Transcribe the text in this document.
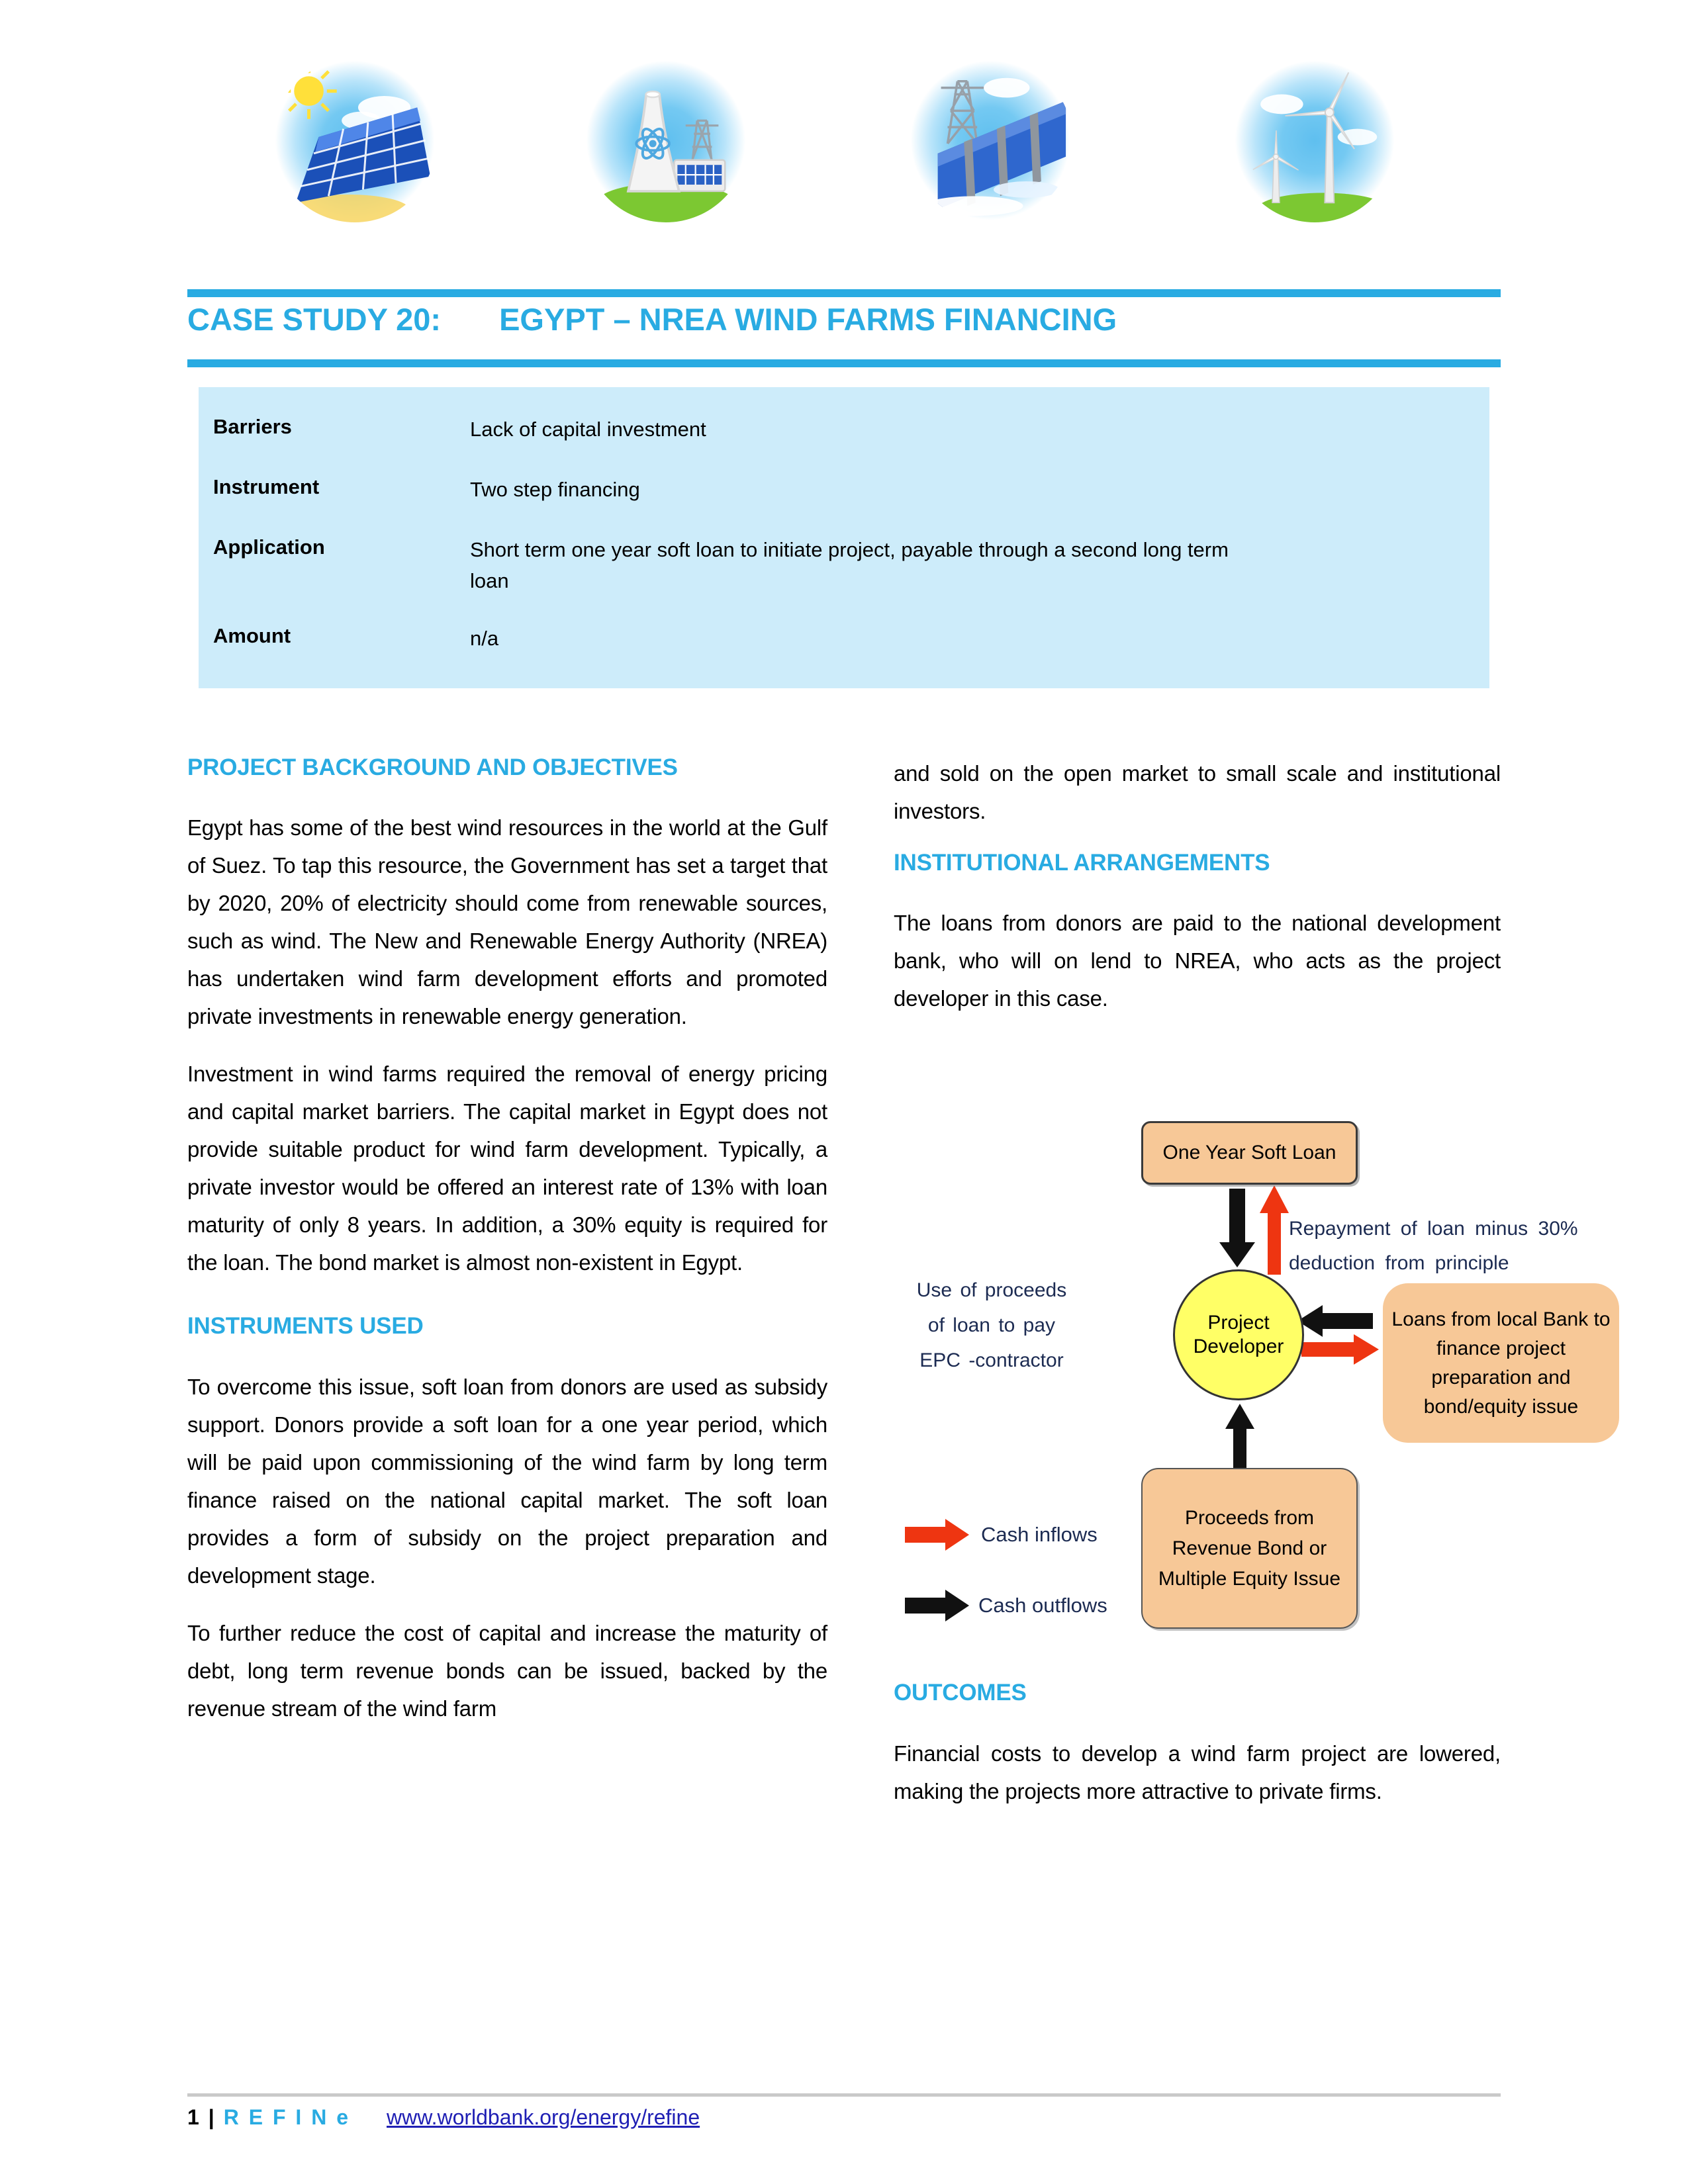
CASE STUDY 20: EGYPT – NREA WIND FARMS FINANCING
Barriers	Lack of capital investment
Instrument	Two step financing
Application	Short term one year soft loan to initiate project, payable through a second long term
loan
Amount	n/a
PROJECT BACKGROUND AND OBJECTIVES

Egypt has some of the best wind resources in the world at the Gulf of Suez. To tap this resource, the Government has set a target that by 2020, 20% of electricity should come from renewable sources, such as wind. The New and Renewable Energy Authority (NREA) has undertaken wind farm development efforts and promoted private investments in renewable energy generation.

Investment in wind farms required the removal of energy pricing and capital market barriers. The capital market in Egypt does not provide suitable product for wind farm development. Typically, a private investor would be offered an interest rate of 13% with loan maturity of only 8 years. In addition, a 30% equity is required for the loan. The bond market is almost non-existent in Egypt.

INSTRUMENTS USED

To overcome this issue, soft loan from donors are used as subsidy support. Donors provide a soft loan for a one year period, which will be paid upon commissioning of the wind farm by long term finance raised on the national capital market. The soft loan provides a form of subsidy on the project preparation and development stage.

To further reduce the cost of capital and increase the maturity of debt, long term revenue bonds can be issued, backed by the revenue stream of the wind farm

and sold on the open market to small scale and institutional investors.

INSTITUTIONAL ARRANGEMENTS

The loans from donors are paid to the national development bank, who will on lend to NREA, who acts as the project developer in this case.

One Year Soft Loan
Repayment of loan minus 30% deduction from principle
Use of proceeds of loan to pay EPC -contractor
Project Developer
Loans from local Bank to finance project preparation and bond/equity issue
Proceeds from Revenue Bond or Multiple Equity Issue
Cash inflows
Cash outflows
OUTCOMES

Financial costs to develop a wind farm project are lowered, making the projects more attractive to private firms.

1 | R E F I N e www.worldbank.org/energy/refine
